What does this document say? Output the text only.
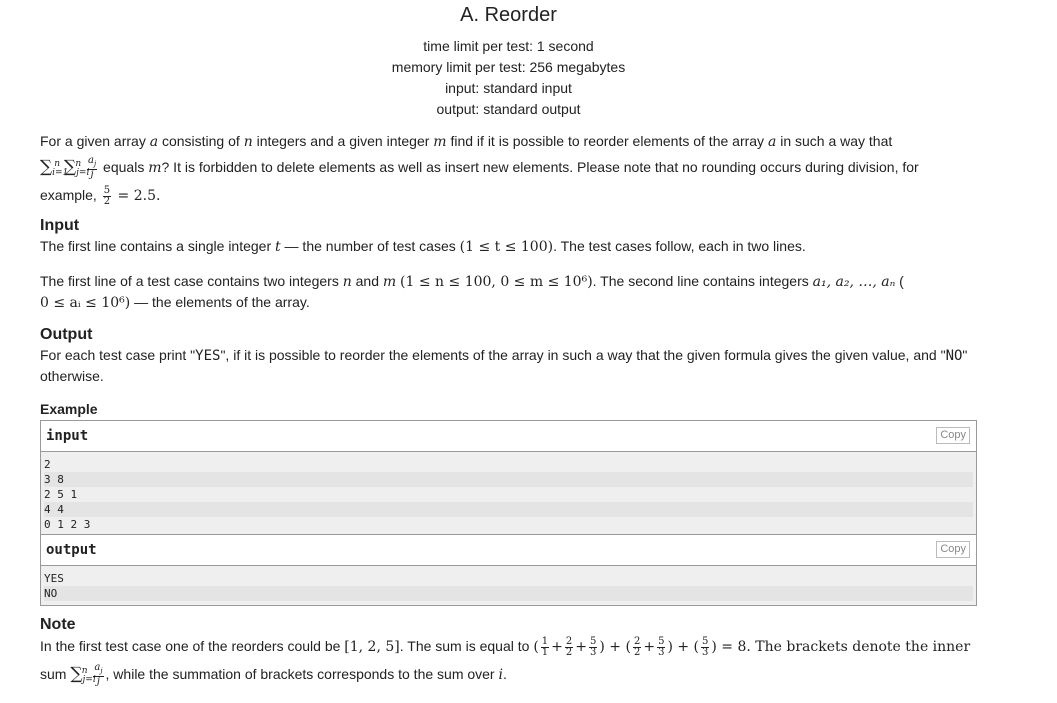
A. Reorder
time limit per test: 1 second
memory limit per test: 256 megabytes
input: standard input
output: standard output
For a given array a consisting of n integers and a given integer m find if it is possible to reorder elements of the array a in such a way that
$\sum_{i=1}^n$ $\sum_{j=i}^n \frac{a_j}{j}$ equals m? It is forbidden to delete elements as well as insert new elements. Please note that no rounding occurs during division, for
example, $\frac{5}{2} = 2.5$.
Input
The first line contains a single integer t — the number of test cases (1 ≤ t ≤ 100). The test cases follow, each in two lines.
The first line of a test case contains two integers n and m (1 ≤ n ≤ 100, 0 ≤ m ≤ 10⁶). The second line contains integers a₁, a₂, …, aₙ (
0 ≤ aᵢ ≤ 10⁶) — the elements of the array.
Output
For each test case print "YES", if it is possible to reorder the elements of the array in such a way that the given formula gives the given value, and "NO"
otherwise.
Example
input	Copy
2
3 8
2 5 1
4 4
0 1 2 3
output	Copy
YES
NO
Note
In the first test case one of the reorders could be [1, 2, 5]. The sum is equal to ( $\frac{1}{1} + \frac{2}{2} + \frac{5}{3}$ ) + ( $\frac{2}{2} + \frac{5}{3}$ ) + ( $\frac{5}{3}$ ) = 8. The brackets denote the inner
sum $\sum_{j=i}^n \frac{a_j}{j}$ , while the summation of brackets corresponds to the sum over i.
